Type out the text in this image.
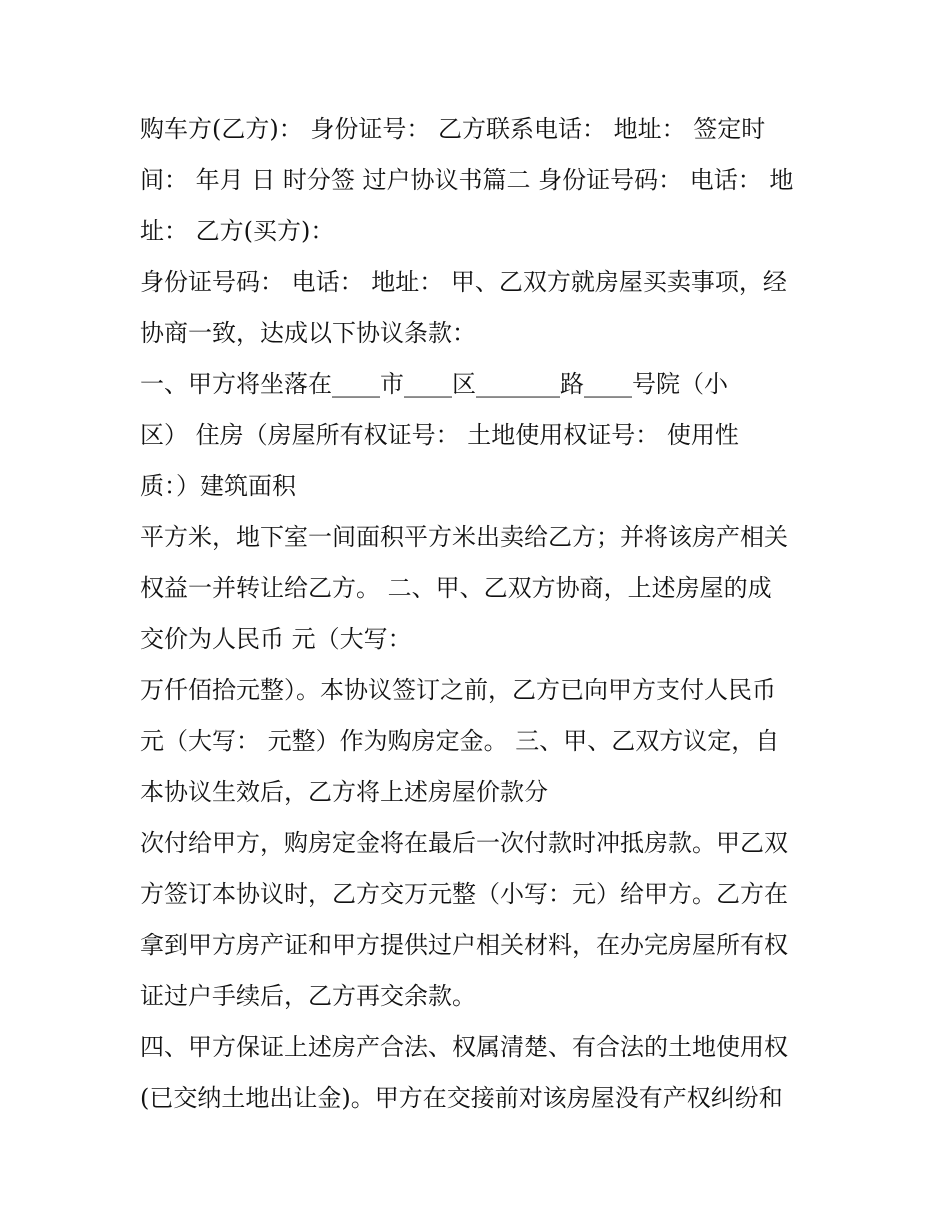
购车方(乙方)： 身份证号： 乙方联系电话： 地址： 签定时
间： 年月 日 时分签 过户协议书篇二 身份证号码： 电话： 地
址： 乙方(买方)：
身份证号码： 电话： 地址： 甲、乙双方就房屋买卖事项，经
协商一致，达成以下协议条款：
一、甲方将坐落在____市____区_______路____号院（小
区） 住房（房屋所有权证号： 土地使用权证号： 使用性
质：）建筑面积
平方米，地下室一间面积平方米出卖给乙方；并将该房产相关
权益一并转让给乙方。 二、甲、乙双方协商，上述房屋的成
交价为人民币 元（大写：
万仟佰拾元整）。本协议签订之前，乙方已向甲方支付人民币
元（大写： 元整）作为购房定金。 三、甲、乙双方议定，自
本协议生效后，乙方将上述房屋价款分
次付给甲方，购房定金将在最后一次付款时冲抵房款。甲乙双
方签订本协议时，乙方交万元整（小写：元）给甲方。乙方在
拿到甲方房产证和甲方提供过户相关材料，在办完房屋所有权
证过户手续后，乙方再交余款。
四、甲方保证上述房产合法、权属清楚、有合法的土地使用权
(已交纳土地出让金)。甲方在交接前对该房屋没有产权纠纷和
